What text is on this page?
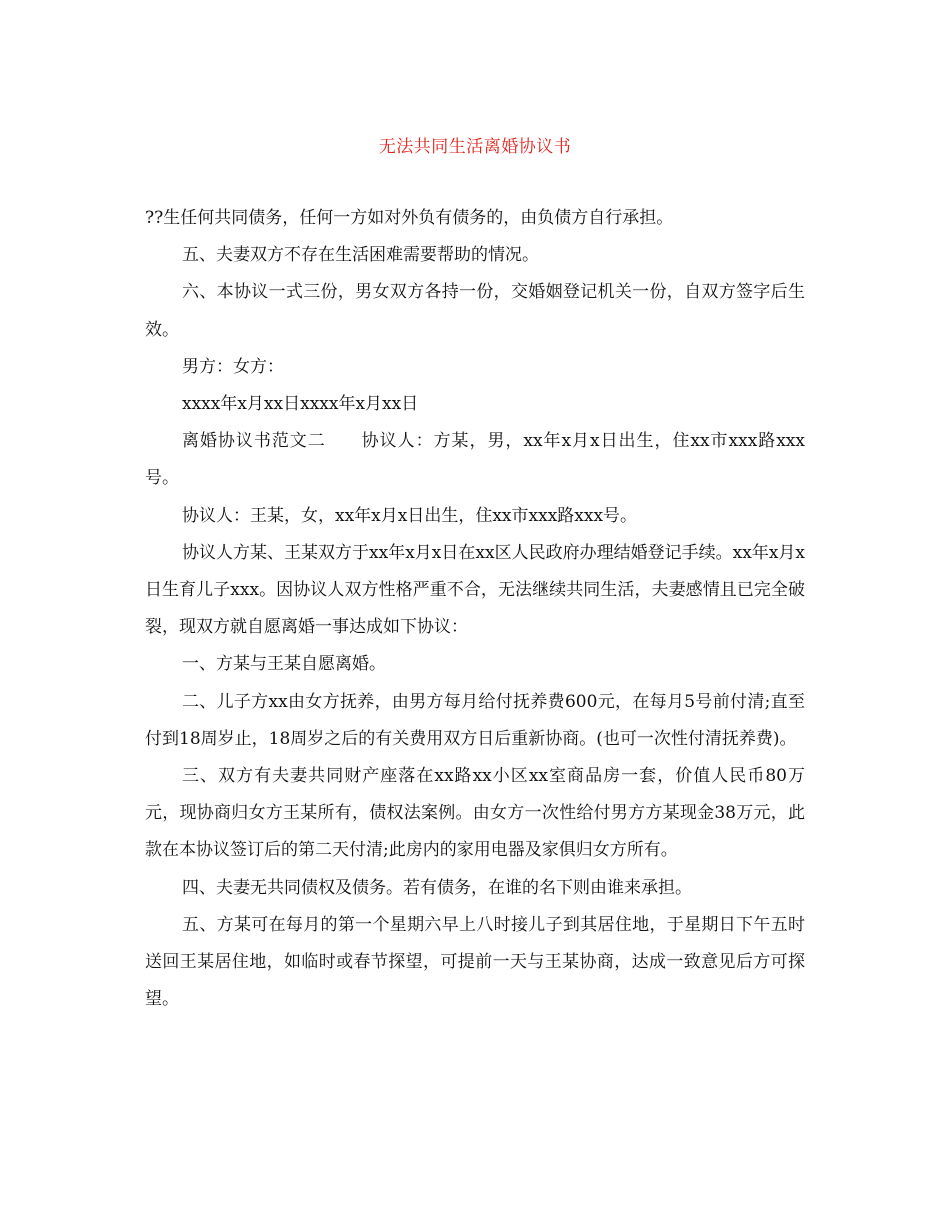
无法共同生活离婚协议书

??生任何共同债务，任何一方如对外负有债务的，由负债方自行承担。

五、夫妻双方不存在生活困难需要帮助的情况。

六、本协议一式三份，男女双方各持一份，交婚姻登记机关一份，自双方签字后生效。

男方：女方：

xxxx年x月xx日xxxx年x月xx日

离婚协议书范文二　　协议人：方某，男，xx年x月x日出生，住xx市xxx路xxx号。

协议人：王某，女，xx年x月x日出生，住xx市xxx路xxx号。

协议人方某、王某双方于xx年x月x日在xx区人民政府办理结婚登记手续。xx年x月x日生育儿子xxx。因协议人双方性格严重不合，无法继续共同生活，夫妻感情且已完全破裂，现双方就自愿离婚一事达成如下协议：

一、方某与王某自愿离婚。

二、儿子方xx由女方抚养，由男方每月给付抚养费600元，在每月5号前付清;直至付到18周岁止，18周岁之后的有关费用双方日后重新协商。(也可一次性付清抚养费)。

三、双方有夫妻共同财产座落在xx路xx小区xx室商品房一套，价值人民币80万元，现协商归女方王某所有，债权法案例。由女方一次性给付男方方某现金38万元，此款在本协议签订后的第二天付清;此房内的家用电器及家俱归女方所有。

四、夫妻无共同债权及债务。若有债务，在谁的名下则由谁来承担。

五、方某可在每月的第一个星期六早上八时接儿子到其居住地，于星期日下午五时送回王某居住地，如临时或春节探望，可提前一天与王某协商，达成一致意见后方可探望。
